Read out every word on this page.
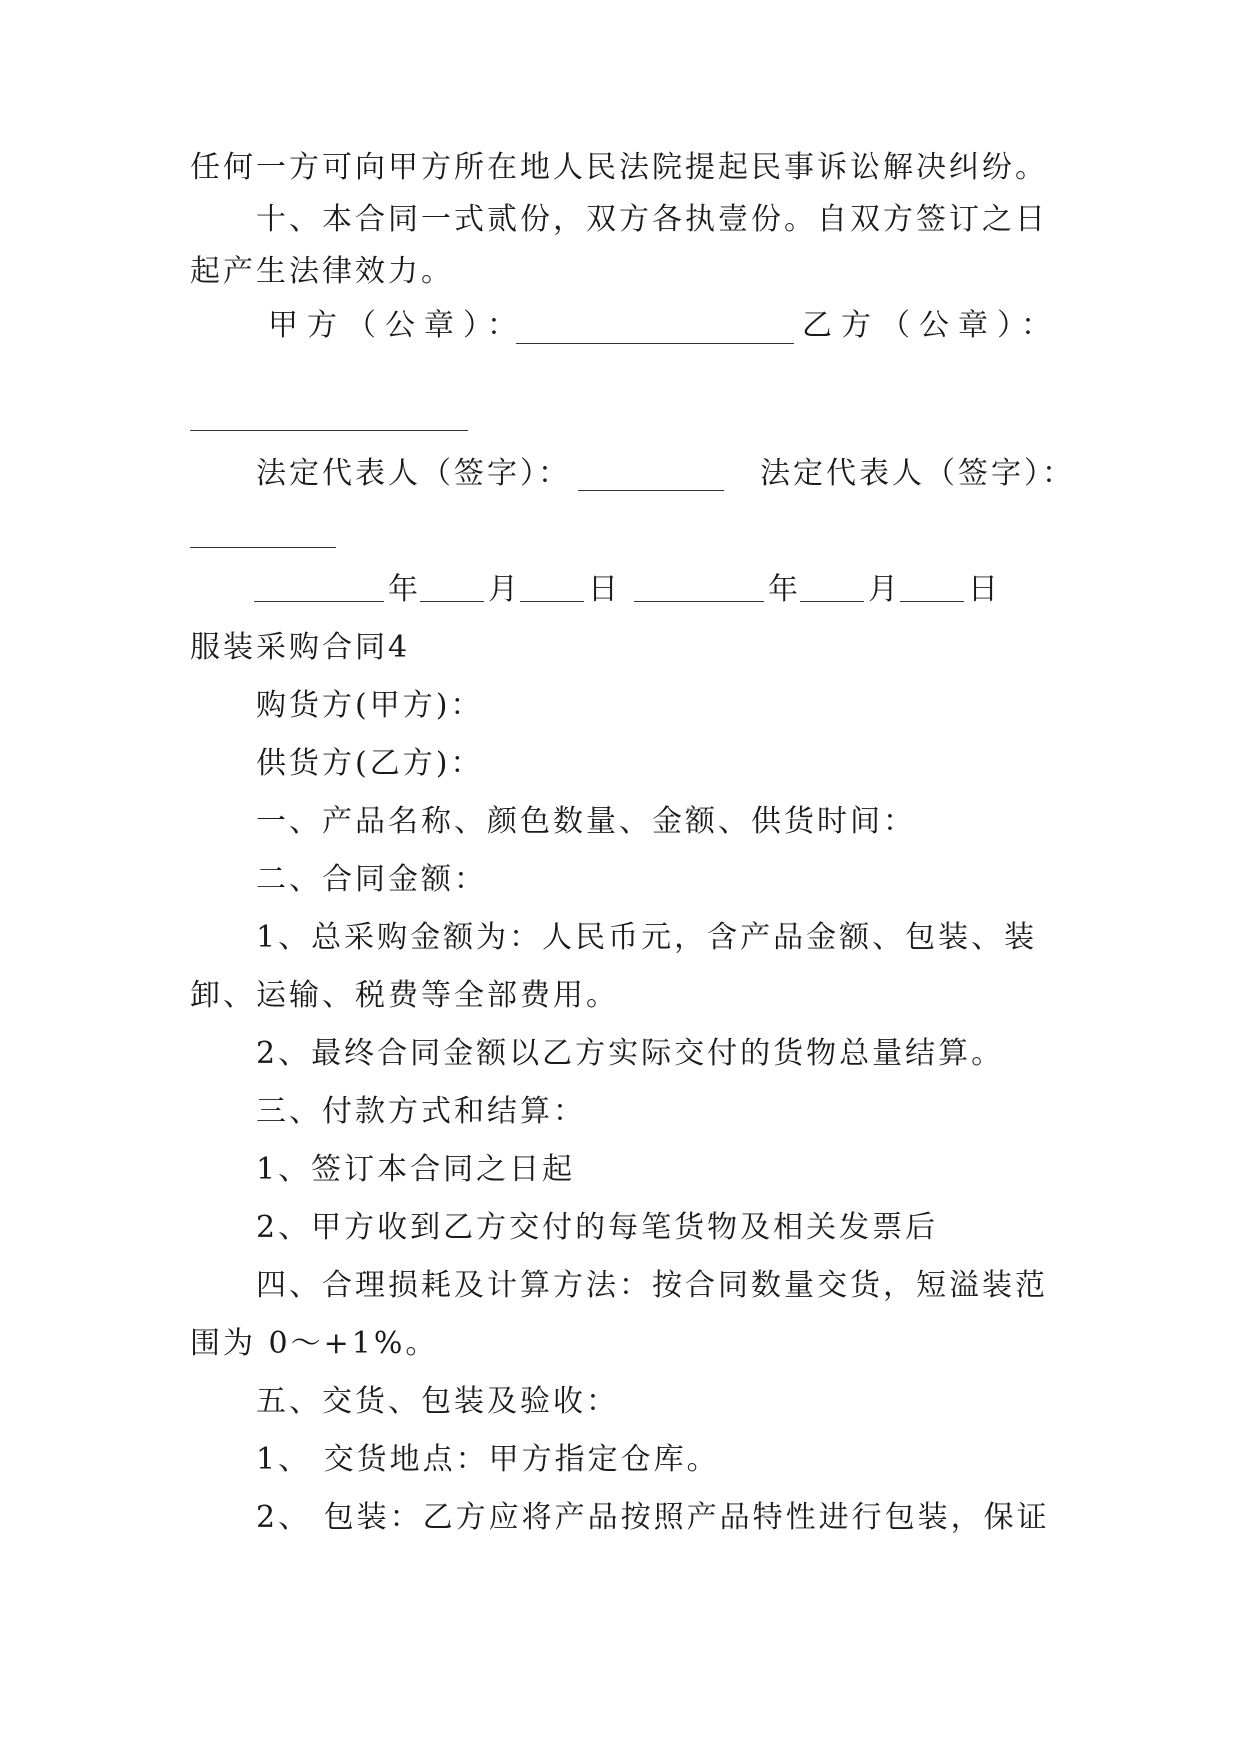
任何一方可向甲方所在地人民法院提起民事诉讼解决纠纷。
十、本合同一式贰份，双方各执壹份。自双方签订之日
起产生法律效力。
甲方（公章）：	乙方（公章）：
法定代表人（签字）：	法定代表人（签字）：
年 月 日	年 月 日
服装采购合同4
购货方(甲方)：
供货方(乙方)：
一、产品名称、颜色数量、金额、供货时间：
二、合同金额：
1、总采购金额为：人民币元，含产品金额、包装、装
卸、运输、税费等全部费用。
2、最终合同金额以乙方实际交付的货物总量结算。
三、付款方式和结算：
1、签订本合同之日起
2、甲方收到乙方交付的每笔货物及相关发票后
四、合理损耗及计算方法：按合同数量交货，短溢装范
围为 0～+1%。
五、交货、包装及验收：
1、 交货地点：甲方指定仓库。
2、 包装：乙方应将产品按照产品特性进行包装，保证
